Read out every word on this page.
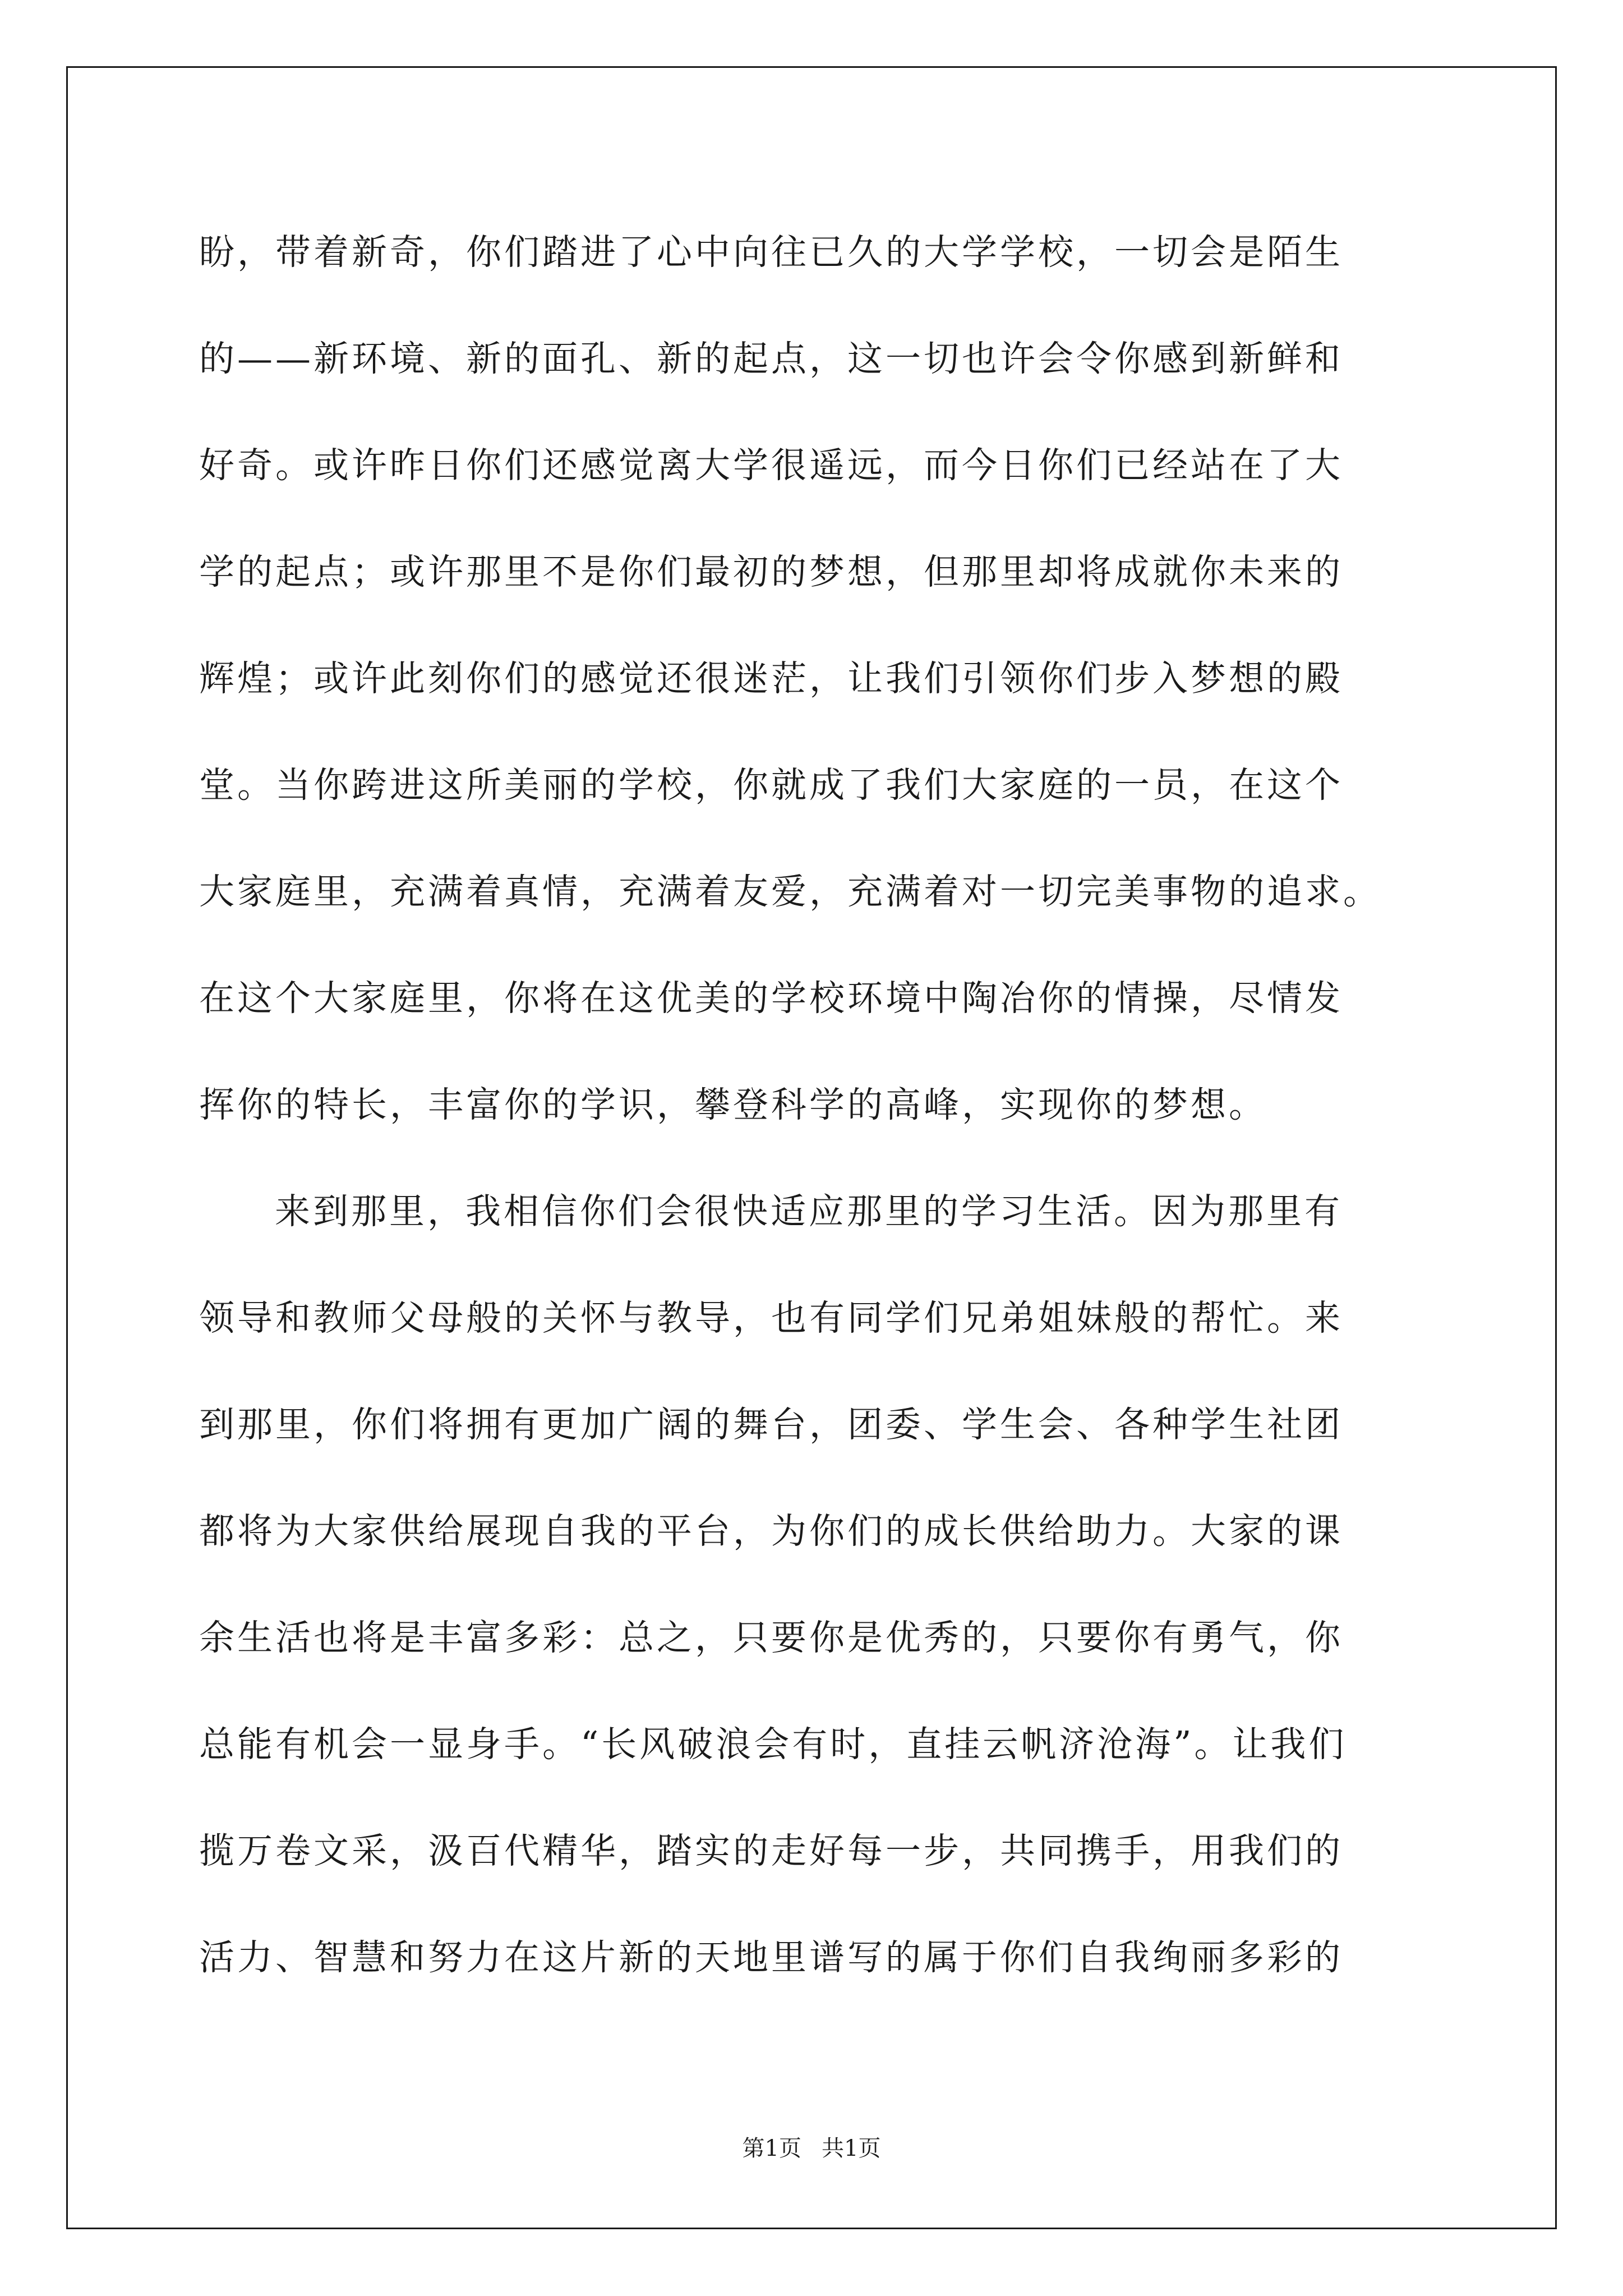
盼，带着新奇，你们踏进了心中向往已久的大学学校，一切会是陌生

的——新环境、新的面孔、新的起点，这一切也许会令你感到新鲜和

好奇。或许昨日你们还感觉离大学很遥远，而今日你们已经站在了大

学的起点；或许那里不是你们最初的梦想，但那里却将成就你未来的

辉煌；或许此刻你们的感觉还很迷茫，让我们引领你们步入梦想的殿

堂。当你跨进这所美丽的学校，你就成了我们大家庭的一员，在这个

大家庭里，充满着真情，充满着友爱，充满着对一切完美事物的追求。

在这个大家庭里，你将在这优美的学校环境中陶冶你的情操，尽情发

挥你的特长，丰富你的学识，攀登科学的高峰，实现你的梦想。

来到那里，我相信你们会很快适应那里的学习生活。因为那里有

领导和教师父母般的关怀与教导，也有同学们兄弟姐妹般的帮忙。来

到那里，你们将拥有更加广阔的舞台，团委、学生会、各种学生社团

都将为大家供给展现自我的平台，为你们的成长供给助力。大家的课

余生活也将是丰富多彩：总之，只要你是优秀的，只要你有勇气，你

总能有机会一显身手。“长风破浪会有时，直挂云帆济沧海”。让我们

揽万卷文采，汲百代精华，踏实的走好每一步，共同携手，用我们的

活力、智慧和努力在这片新的天地里谱写的属于你们自我绚丽多彩的

第1页 共1页
